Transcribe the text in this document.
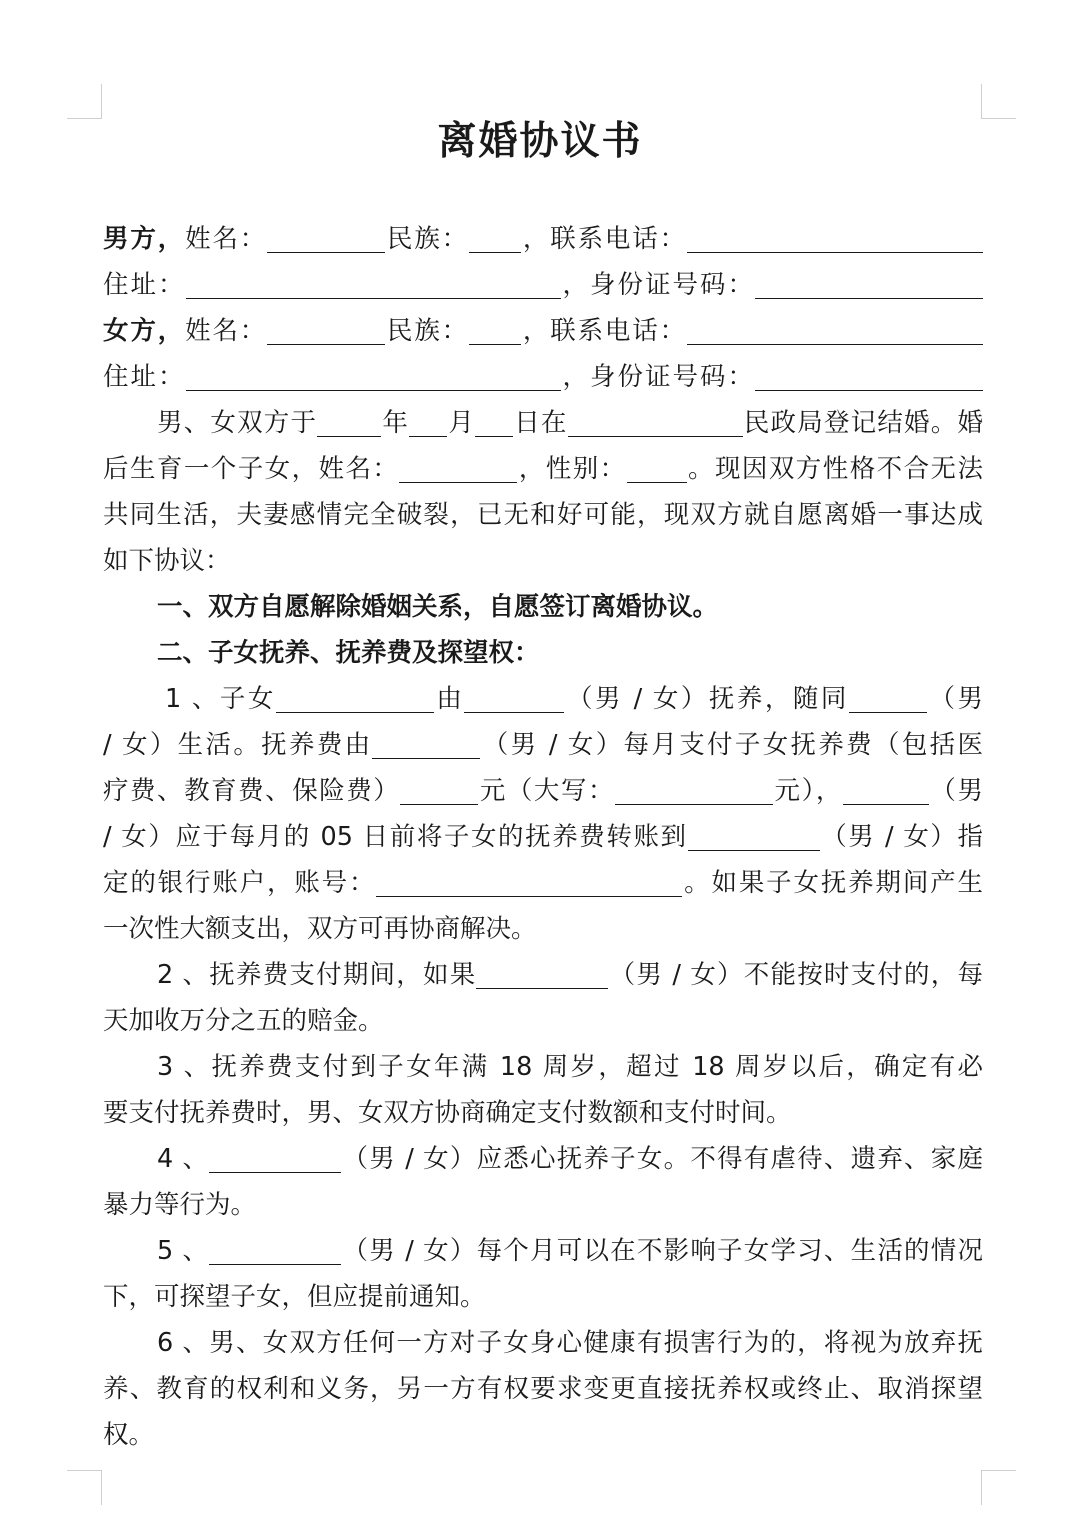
离婚协议书
男方，姓名：	民族： ，联系电话：
住址：	，身份证号码：
女方，姓名：	民族： ，联系电话：
住址：	，身份证号码：
男、女双方于	年 月 日在	民政局登记结婚。婚
后生育一个子女，姓名：	，性别： 。现因双方性格不合无法
共同生活，夫妻感情完全破裂，已无和好可能，现双方就自愿离婚一事达成
如下协议：
一、双方自愿解除婚姻关系，自愿签订离婚协议。
二、子女抚养、抚养费及探望权：
1 、子女	由	（男 / 女）抚养，随同	（男
/ 女）生活。抚养费由	（男 / 女）每月支付子女抚养费（包括医
疗费、教育费、保险费）	元（大写：	元），	（男
/ 女）应于每月的 05 日前将子女的抚养费转账到	（男 / 女）指
定的银行账户，账号：	。如果子女抚养期间产生
一次性大额支出，双方可再协商解决。
2 、抚养费支付期间，如果	（男 / 女）不能按时支付的，每
天加收万分之五的赔金。
3 、抚养费支付到子女年满 18 周岁，超过 18 周岁以后，确定有必
要支付抚养费时，男、女双方协商确定支付数额和支付时间。
4 、	（男 / 女）应悉心抚养子女。不得有虐待、遗弃、家庭
暴力等行为。
5 、	（男 / 女）每个月可以在不影响子女学习、生活的情况
下，可探望子女，但应提前通知。
6 、男、女双方任何一方对子女身心健康有损害行为的，将视为放弃抚
养、教育的权利和义务，另一方有权要求变更直接抚养权或终止、取消探望
权。
